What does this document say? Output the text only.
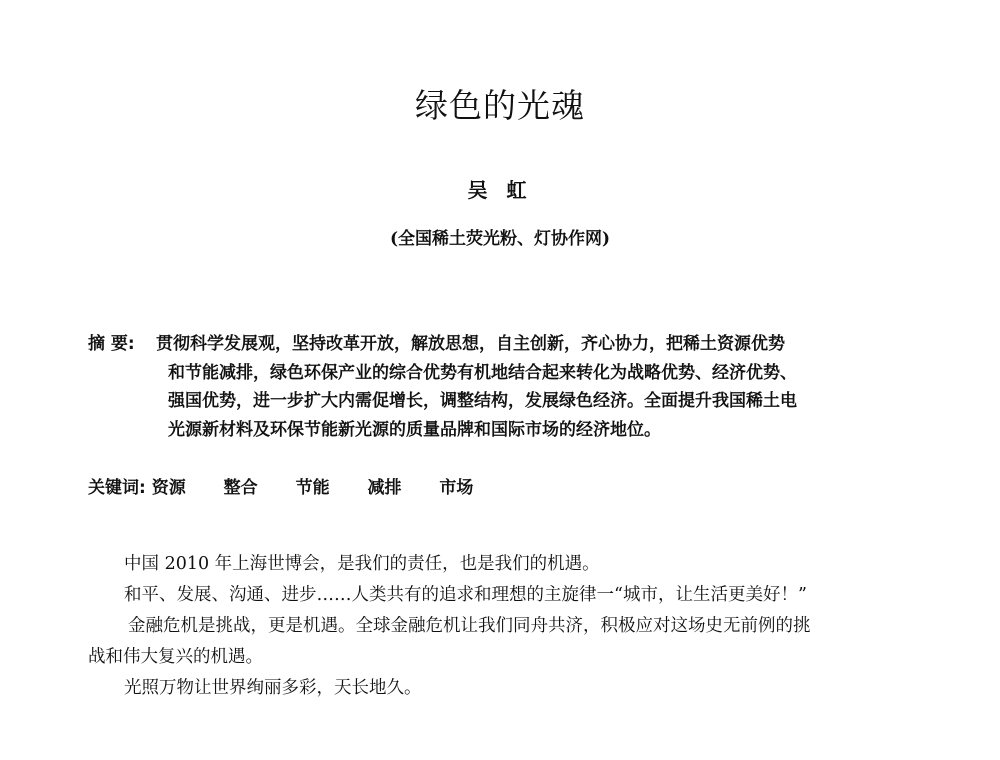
绿色的光魂
吴 虹
(全国稀土荧光粉、灯协作网)
摘 要:	贯彻科学发展观，坚持改革开放，解放思想，自主创新，齐心协力，把稀土资源优势
和节能减排，绿色环保产业的综合优势有机地结合起来转化为战略优势、经济优势、
强国优势，进一步扩大内需促增长，调整结构，发展绿色经济。全面提升我国稀土电
光源新材料及环保节能新光源的质量品牌和国际市场的经济地位。
关键词: 资源 整合 节能 减排 市场

中国 2010 年上海世博会，是我们的责任，也是我们的机遇。

和平、发展、沟通、进步……人类共有的追求和理想的主旋律一“城市，让生活更美好！”

金融危机是挑战，更是机遇。全球金融危机让我们同舟共济，积极应对这场史无前例的挑

战和伟大复兴的机遇。

光照万物让世界绚丽多彩，天长地久。
